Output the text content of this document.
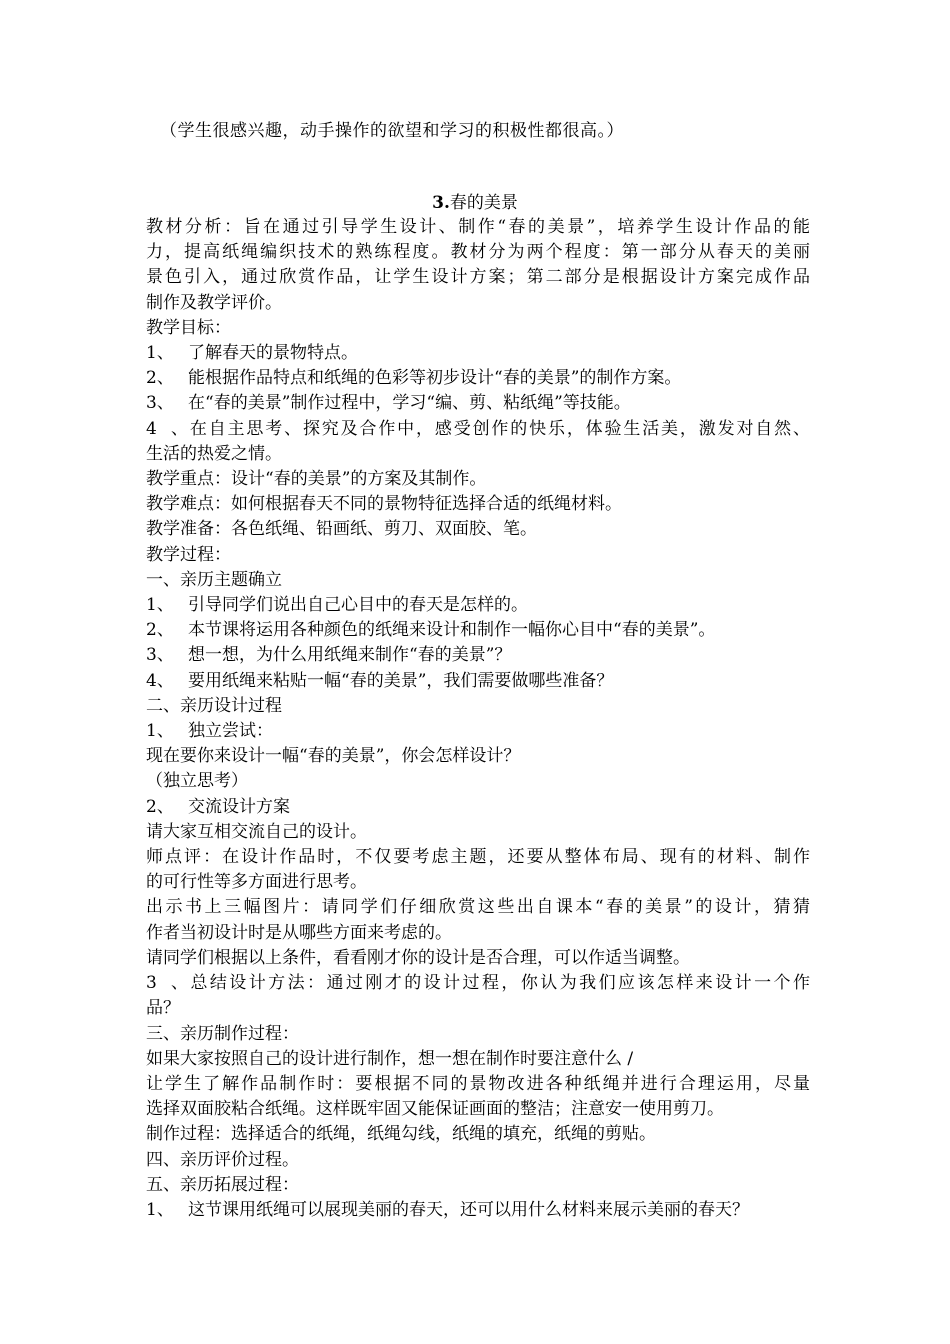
（学生很感兴趣，动手操作的欲望和学习的积极性都很高。）
3.春的美景
教材分析：旨在通过引导学生设计、制作“春的美景”，培养学生设计作品的能
力，提高纸绳编织技术的熟练程度。教材分为两个程度：第一部分从春天的美丽
景色引入，通过欣赏作品，让学生设计方案；第二部分是根据设计方案完成作品
制作及教学评价。
教学目标：
1、 了解春天的景物特点。
2、 能根据作品特点和纸绳的色彩等初步设计“春的美景”的制作方案。
3、 在“春的美景”制作过程中，学习“编、剪、粘纸绳”等技能。
4、在自主思考、探究及合作中，感受创作的快乐，体验生活美，激发对自然、
生活的热爱之情。
教学重点：设计“春的美景”的方案及其制作。
教学难点：如何根据春天不同的景物特征选择合适的纸绳材料。
教学准备：各色纸绳、铅画纸、剪刀、双面胶、笔。
教学过程：
一、亲历主题确立
1、 引导同学们说出自己心目中的春天是怎样的。
2、 本节课将运用各种颜色的纸绳来设计和制作一幅你心目中“春的美景”。
3、 想一想，为什么用纸绳来制作“春的美景”？
4、 要用纸绳来粘贴一幅“春的美景”，我们需要做哪些准备？
二、亲历设计过程
1、 独立尝试：
现在要你来设计一幅“春的美景”，你会怎样设计？
（独立思考）
2、 交流设计方案
请大家互相交流自己的设计。
师点评：在设计作品时，不仅要考虑主题，还要从整体布局、现有的材料、制作
的可行性等多方面进行思考。
出示书上三幅图片：请同学们仔细欣赏这些出自课本“春的美景”的设计，猜猜
作者当初设计时是从哪些方面来考虑的。
请同学们根据以上条件，看看刚才你的设计是否合理，可以作适当调整。
3、总结设计方法：通过刚才的设计过程，你认为我们应该怎样来设计一个作
品？
三、亲历制作过程：
如果大家按照自己的设计进行制作，想一想在制作时要注意什么 /
让学生了解作品制作时：要根据不同的景物改进各种纸绳并进行合理运用，尽量
选择双面胶粘合纸绳。这样既牢固又能保证画面的整洁；注意安一使用剪刀。
制作过程：选择适合的纸绳，纸绳勾线，纸绳的填充，纸绳的剪贴。
四、亲历评价过程。
五、亲历拓展过程：
1、 这节课用纸绳可以展现美丽的春天，还可以用什么材料来展示美丽的春天？
